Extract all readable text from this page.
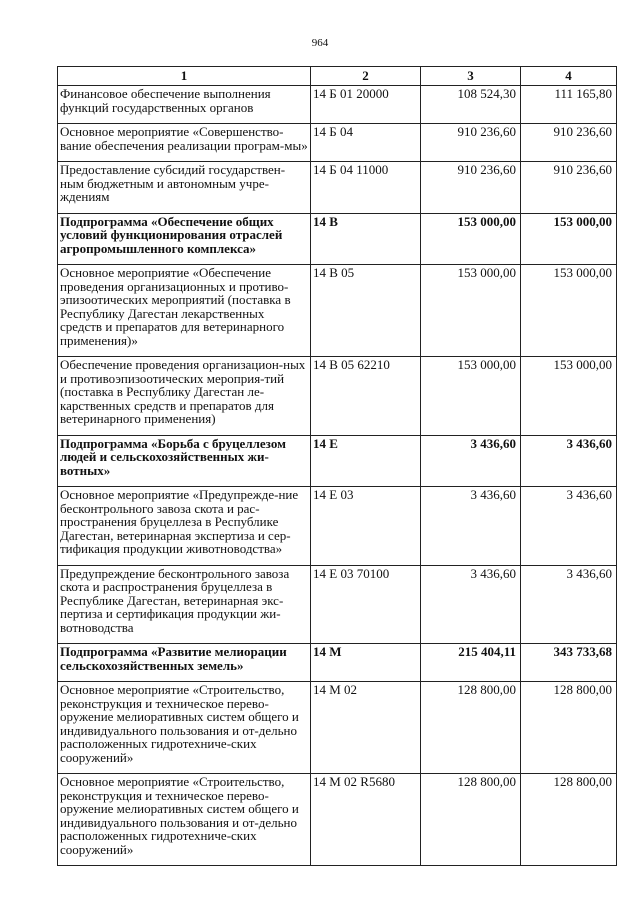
964
1	2	3	4
Финансовое обеспечение выполнения функций государственных органов	14 Б 01 20000	108 524,30	111 165,80
Основное мероприятие «Совершенство-вание обеспечения реализации програм-мы»	14 Б 04	910 236,60	910 236,60
Предоставление субсидий государствен-ным бюджетным и автономным учре-ждениям	14 Б 04 11000	910 236,60	910 236,60
Подпрограмма «Обеспечение общих условий функционирования отраслей агропромышленного комплекса»	14 В	153 000,00	153 000,00
Основное мероприятие «Обеспечение проведения организационных и противо-эпизоотических мероприятий (поставка в Республику Дагестан лекарственных средств и препаратов для ветеринарного применения)»	14 В 05	153 000,00	153 000,00
Обеспечение проведения организацион-ных и противоэпизоотических мероприя-тий (поставка в Республику Дагестан ле-карственных средств и препаратов для ветеринарного применения)	14 В 05 62210	153 000,00	153 000,00
Подпрограмма «Борьба с бруцеллезом людей и сельскохозяйственных жи-вотных»	14 Е	3 436,60	3 436,60
Основное мероприятие «Предупрежде-ние бесконтрольного завоза скота и рас-пространения бруцеллеза в Республике Дагестан, ветеринарная экспертиза и сер-тификация продукции животноводства»	14 Е 03	3 436,60	3 436,60
Предупреждение бесконтрольного завоза скота и распространения бруцеллеза в Республике Дагестан, ветеринарная экс-пертиза и сертификация продукции жи-вотноводства	14 Е 03 70100	3 436,60	3 436,60
Подпрограмма «Развитие мелиорации сельскохозяйственных земель»	14 М	215 404,11	343 733,68
Основное мероприятие «Строительство, реконструкция и техническое перево-оружение мелиоративных систем общего и индивидуального пользования и от-дельно расположенных гидротехниче-ских сооружений»	14 М 02	128 800,00	128 800,00
Основное мероприятие «Строительство, реконструкция и техническое перево-оружение мелиоративных систем общего и индивидуального пользования и от-дельно расположенных гидротехниче-ских сооружений»	14 М 02 R5680	128 800,00	128 800,00
